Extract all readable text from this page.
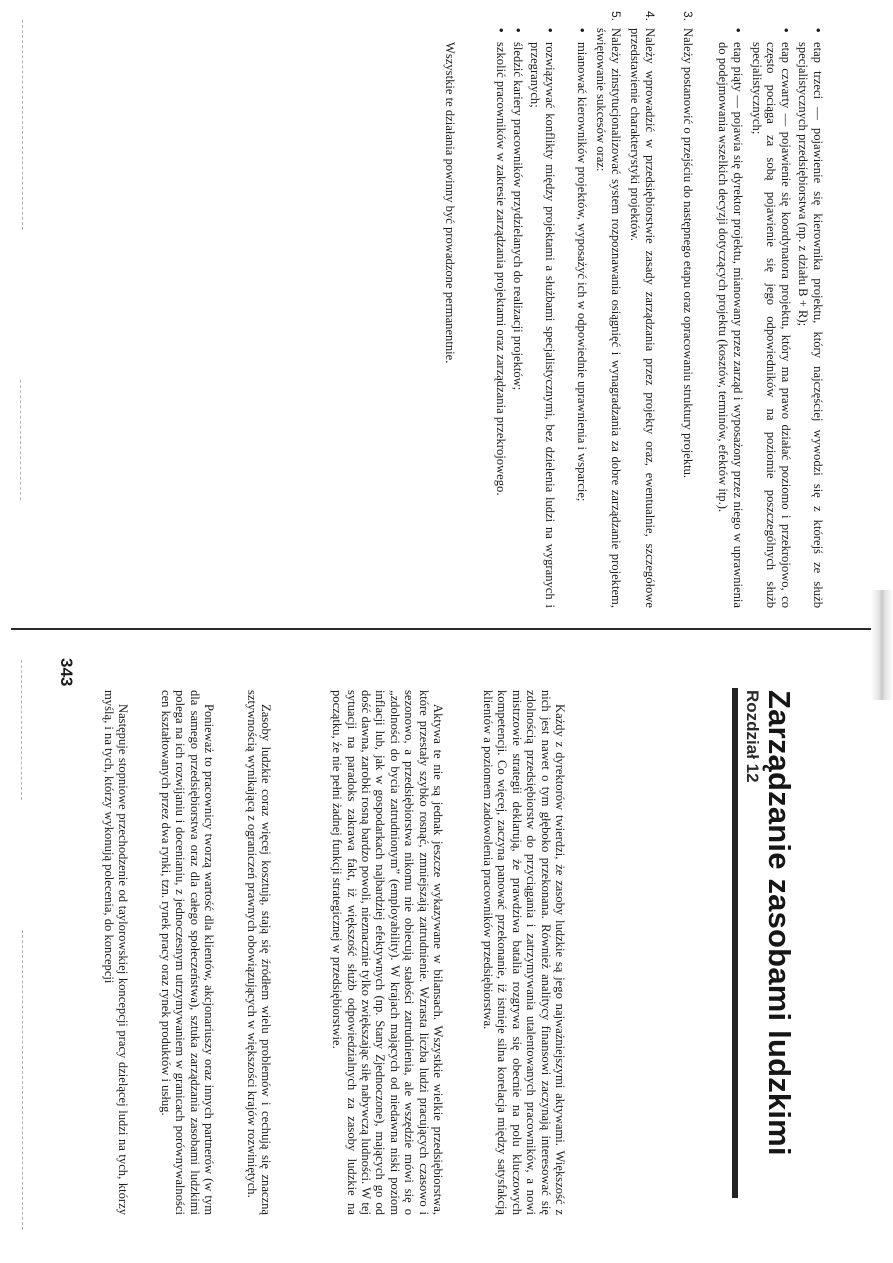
•
etap trzeci — pojawienie się kierownika projektu, który najczęściej wywodzi się z którejś ze służb specjalistycznych przedsiębiorstwa (np. z działu B + R);
•
etap czwarty — pojawienie się koordynatora projektu, który ma prawo działać poziomo i przekrojowo, co często pociąga za sobą pojawienie się jego odpowiedników na poziomie poszczególnych służb specjalistycznych;
•
etap piąty — pojawia się dyrektor projektu, mianowany przez zarząd i wyposażony przez niego w uprawnienia do podejmowania wszelkich decyzji dotyczących projektu (kosztów, terminów, efektów itp.).
3.
Należy postanowić o przejściu do następnego etapu oraz opracowaniu struktury projektu.
4.
Należy wprowadzić w przedsiębiorstwie zasady zarządzania przez projekty oraz, ewentualnie, szczegółowe przedstawienie charakterystyki projektów.
5.
Należy zinstytucjonalizować system rozpoznawania osiągnięć i wynagradzania za dobre zarządzanie projektem, świętowanie sukcesów oraz:
•
mianować kierowników projektów, wyposażyć ich w odpowiednie uprawnienia i wsparcie;
•
rozwiązywać konflikty między projektami a służbami specjalistycznymi, bez dzielenia ludzi na wygranych i przegranych;
•
śledzić kariery pracowników przydzielanych do realizacji projektów;
•
szkolić pracowników w zakresie zarządzania projektami oraz zarządzania przekrojowego.
Wszystkie te działania powinny być prowadzone permanentnie.
Zarządzanie zasobami ludzkimi
Rozdział 12

Każdy z dyrektorów twierdzi, że zasoby ludzkie są jego najważniejszymi aktywami. Większość z nich jest nawet o tym głęboko przekonana. Również analitycy finansowi zaczynają interesować się zdolnością przedsiębiorstw do przyciągania i zatrzymywania utalentowanych pracowników, a nowi mistrzowie strategii deklarują, że prawdziwa batalia rozgrywa się obecnie na polu kluczowych kompetencji. Co więcej, zaczyna panować przekonanie, iż istnieje silna korelacja między satysfakcją klientów a poziomem zadowolenia pracowników przedsiębiorstwa.

Aktywa te nie są jednak jeszcze wykazywane w bilansach. Wszystkie wielkie przedsiębiorstwa, które przestały szybko rosnąć, zmniejszają zatrudnienie. Wzrasta liczba ludzi pracujących czasowo i sezonowo, a przedsiębiorstwa nikomu nie obiecują stałości zatrudnienia, ale wszędzie mówi się o „zdolności do bycia zatrudnionym” (employability). W krajach mających od niedawna niski poziom inflacji lub, jak w gospodarkach najbardziej efektywnych (np. Stany Zjednoczone), mających go od dość dawna, zarobki rosną bardzo powoli, nieznacznie tylko zwiększając siłę nabywczą ludności. W tej sytuacji na paradoks zakrawa fakt, iż większość służb odpowiedzialnych za zasoby ludzkie na początku, że nie pełni żadnej funkcji strategicznej w przedsiębiorstwie.

Zasoby ludzkie coraz więcej kosztują, stają się źródłem wielu problemów i cechują się znaczną sztywnością wynikającą z ograniczeń prawnych obowiązujących w większości krajów rozwiniętych.

Ponieważ to pracownicy tworzą wartość dla klientów, akcjonariuszy oraz innych partnerów (w tym dla samego przedsiębiorstwa oraz dla całego społeczeństwa), sztuka zarządzania zasobami ludzkimi polega na ich rozwijaniu i docenianiu, z jednoczesnym utrzymywaniem w granicach porównywalności cen kształtowanych przez dwa rynki, tzn. rynek pracy oraz rynek produktów i usług.

Następuje stopniowe przechodzenie od taylorowskiej koncepcji pracy dzielącej ludzi na tych, którzy myślą, i na tych, którzy wykonują polecenia, do koncepcji

343
